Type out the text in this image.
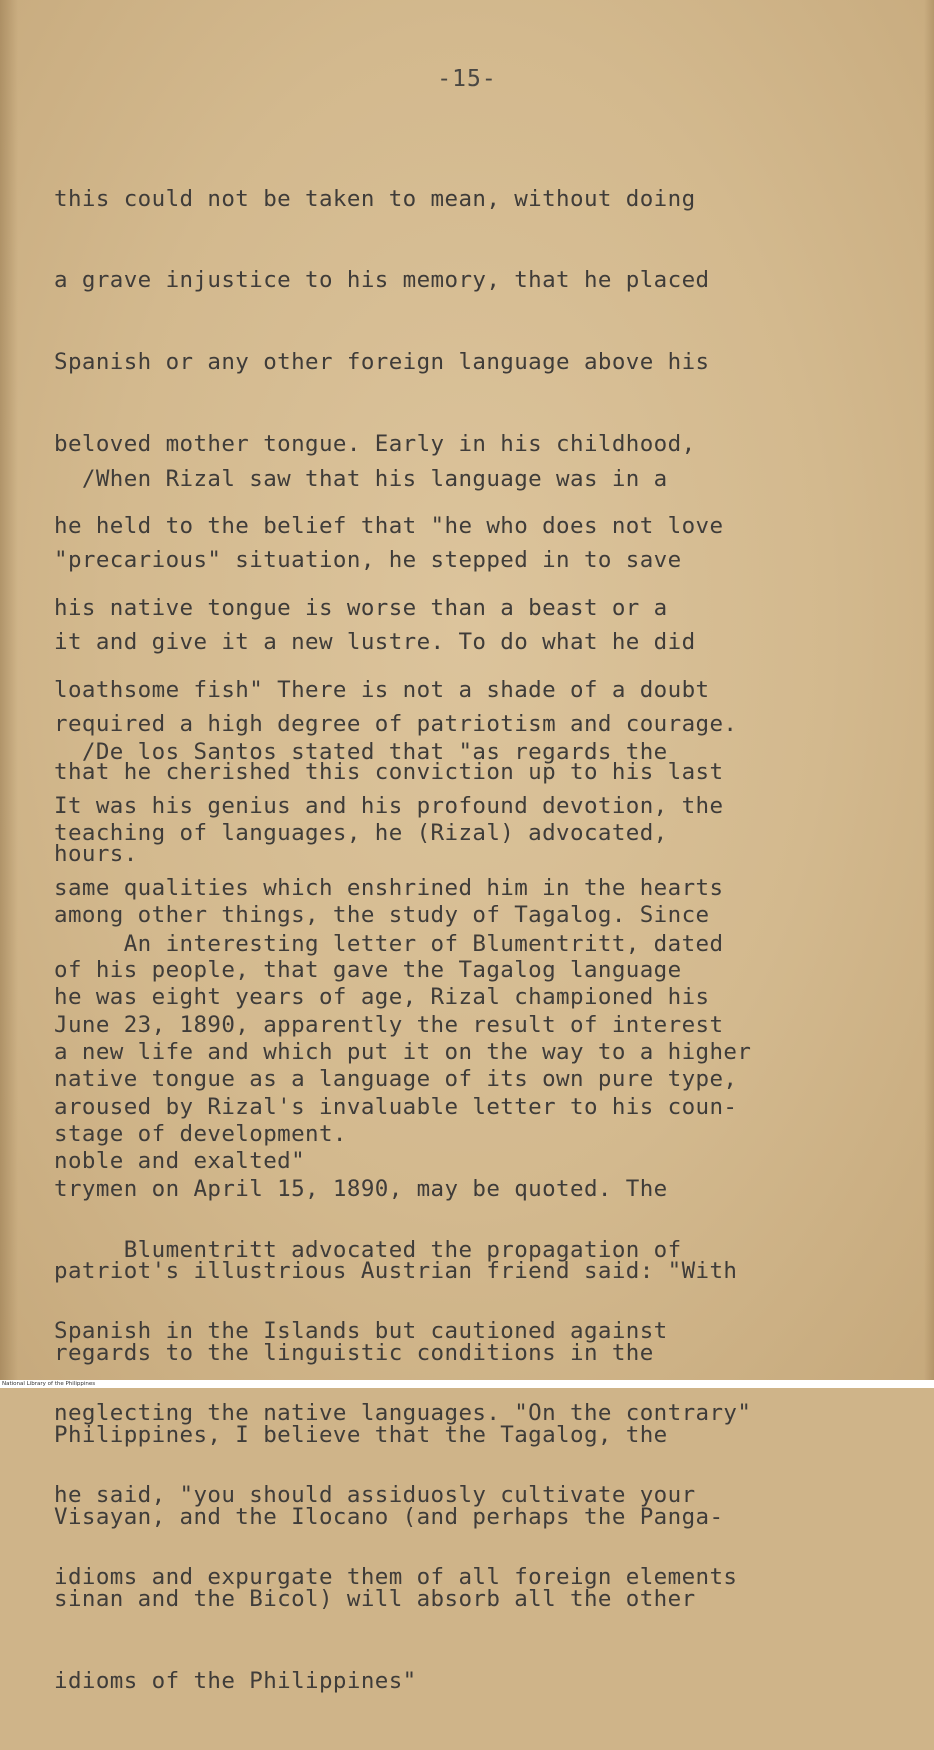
-15-

this could not be taken to mean, without doing

a grave injustice to his memory, that he placed

Spanish or any other foreign language above his

beloved mother tongue. Early in his childhood,

he held to the belief that "he who does not love

his native tongue is worse than a beast or a

loathsome fish" There is not a shade of a doubt

that he cherished this conviction up to his last

hours.

/When Rizal saw that his language was in a

"precarious" situation, he stepped in to save

it and give it a new lustre. To do what he did

required a high degree of patriotism and courage.

It was his genius and his profound devotion, the

same qualities which enshrined him in the hearts

of his people, that gave the Tagalog language

a new life and which put it on the way to a higher

stage of development.

/De los Santos stated that "as regards the

teaching of languages, he (Rizal) advocated,

among other things, the study of Tagalog. Since

he was eight years of age, Rizal championed his

native tongue as a language of its own pure type,

noble and exalted"

An interesting letter of Blumentritt, dated

June 23, 1890, apparently the result of interest

aroused by Rizal's invaluable letter to his coun-

trymen on April 15, 1890, may be quoted. The

patriot's illustrious Austrian friend said: "With

regards to the linguistic conditions in the

Philippines, I believe that the Tagalog, the

Visayan, and the Ilocano (and perhaps the Panga-

sinan and the Bicol) will absorb all the other

idioms of the Philippines"

Blumentritt advocated the propagation of

Spanish in the Islands but cautioned against

neglecting the native languages. "On the contrary"

he said, "you should assiduosly cultivate your

idioms and expurgate them of all foreign elements

National Library of the Philippines
